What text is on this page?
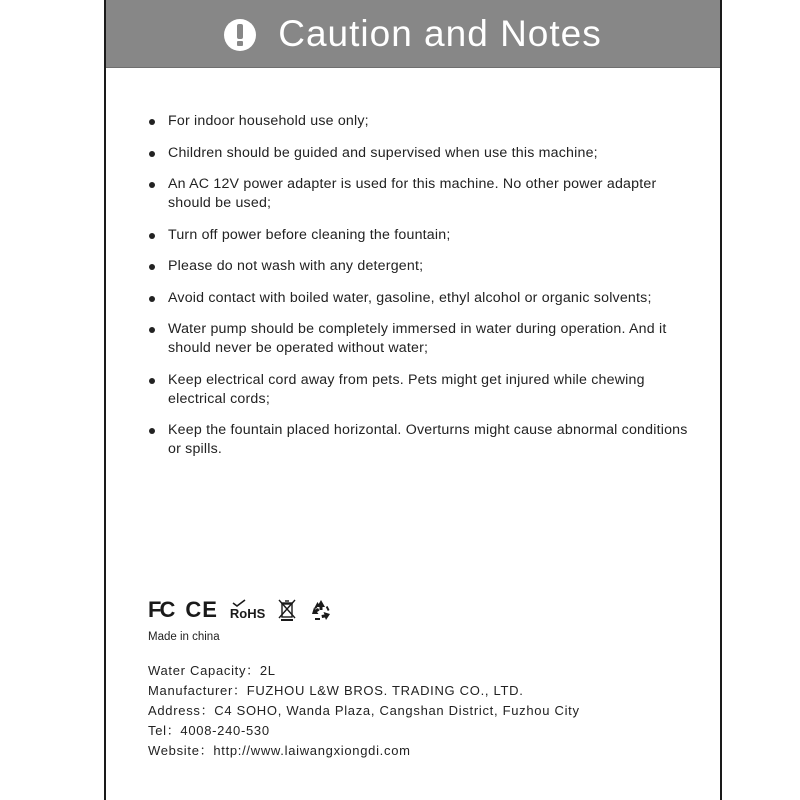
Caution and Notes
For indoor household use only;
Children should be guided and supervised when use this machine;
An AC 12V power adapter is used for this machine. No other power adapter should be used;
Turn off power before cleaning the fountain;
Please do not wash with any detergent;
Avoid contact with boiled water, gasoline, ethyl alcohol or organic solvents;
Water pump should be completely immersed in water during operation. And it should never be operated without water;
Keep electrical cord away from pets. Pets might get injured while chewing electrical cords;
Keep the fountain placed horizontal. Overturns might cause abnormal conditions or spills.
FC CE RoHS
Made in china
Water Capacity：2L
Manufacturer：FUZHOU L&W BROS. TRADING CO., LTD.
Address：C4 SOHO, Wanda Plaza, Cangshan District, Fuzhou City
Tel：4008-240-530
Website：http://www.laiwangxiongdi.com
